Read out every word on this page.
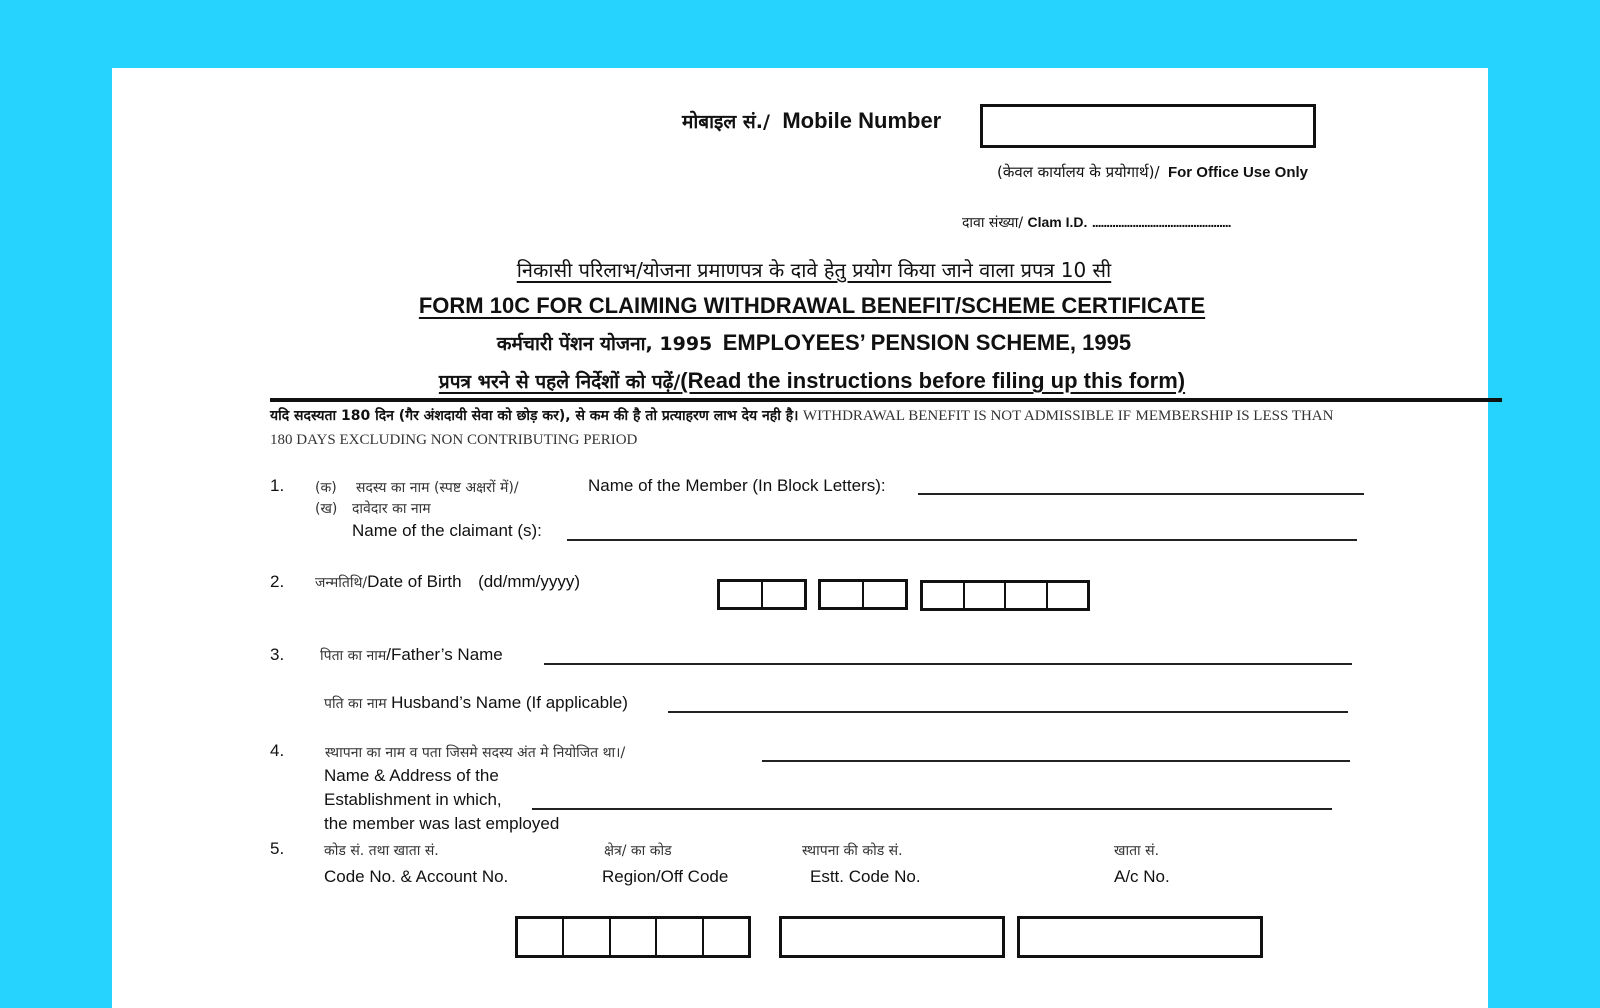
मोबाइल सं./ Mobile Number
(केवल कार्यालय के प्रयोगार्थ)/ For Office Use Only
दावा संख्या/ Clam I.D. ................................................
निकासी परिलाभ/योजना प्रमाणपत्र के दावे हेतु प्रयोग किया जाने वाला प्रपत्र 10 सी
FORM 10C FOR CLAIMING WITHDRAWAL BENEFIT/SCHEME CERTIFICATE
कर्मचारी पेंशन योजना, 1995 EMPLOYEES’ PENSION SCHEME, 1995
प्रपत्र भरने से पहले निर्देशों को पढ़ें/(Read the instructions before filing up this form)
यदि सदस्यता 180 दिन (गैर अंशदायी सेवा को छोड़ कर), से कम की है तो प्रत्याहरण लाभ देय नही है। WITHDRAWAL BENEFIT IS NOT ADMISSIBLE IF MEMBERSHIP IS LESS THAN 180 DAYS EXCLUDING NON CONTRIBUTING PERIOD
1. (क) सदस्य का नाम (स्पष्ट अक्षरों में)/	Name of the Member (In Block Letters):
(ख) दावेदार का नाम
Name of the claimant (s):
2. जन्मतिथि/Date of Birth (dd/mm/yyyy)
3.	पिता का नाम/Father’s Name
पति का नाम Husband’s Name (If applicable)
4.	स्थापना का नाम व पता जिसमे सदस्य अंत मे नियोजित था।/
Name & Address of the
Establishment in which,
the member was last employed
5.	कोड सं. तथा खाता सं.	क्षेत्र/ का कोड	स्थापना की कोड सं.	खाता सं.
Code No. & Account No.	Region/Off Code	Estt. Code No.	A/c No.
